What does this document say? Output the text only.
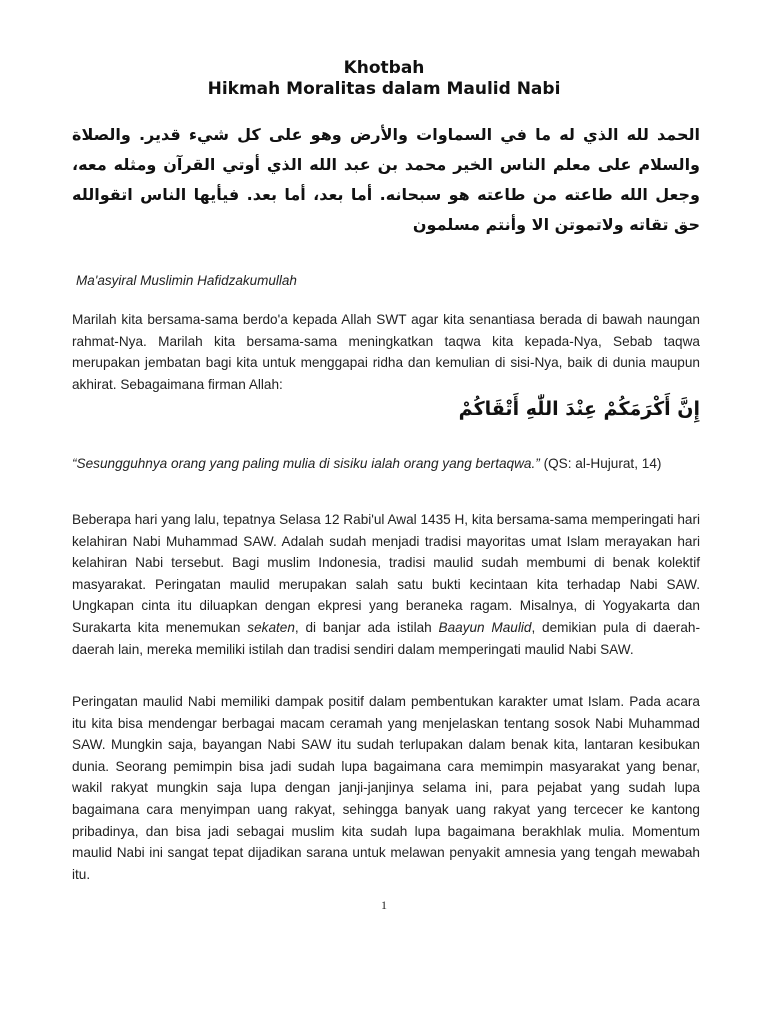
Khotbah
Hikmah Moralitas dalam Maulid Nabi
الحمد لله الذي له ما في السماوات والأرض وهو على كل شيء قدير. والصلاة والسلام على معلم الناس الخير محمد بن عبد الله الذي أوتي القرآن ومثله معه، وجعل الله طاعته من طاعته هو سبحانه. أما بعد، أما بعد. فيأيها الناس اتقوالله حق تقاته ولاتموتن الا وأنتم مسلمون
Ma'asyiral Muslimin Hafidzakumullah

Marilah kita bersama-sama berdo'a kepada Allah SWT agar kita senantiasa berada di bawah naungan rahmat-Nya. Marilah kita bersama-sama meningkatkan taqwa kita kepada-Nya, Sebab taqwa merupakan jembatan bagi kita untuk menggapai ridha dan kemulian di sisi-Nya, baik di dunia maupun akhirat. Sebagaimana firman Allah:

إِنَّ أَكْرَمَكُمْ عِنْدَ اللّٰهِ أَتْقَاكُمْ

“Sesungguhnya orang yang paling mulia di sisiku ialah orang yang bertaqwa.” (QS: al-Hujurat, 14)

Beberapa hari yang lalu, tepatnya Selasa 12 Rabi'ul Awal 1435 H, kita bersama-sama memperingati hari kelahiran Nabi Muhammad SAW. Adalah sudah menjadi tradisi mayoritas umat Islam merayakan hari kelahiran Nabi tersebut. Bagi muslim Indonesia, tradisi maulid sudah membumi di benak kolektif masyarakat. Peringatan maulid merupakan salah satu bukti kecintaan kita terhadap Nabi SAW. Ungkapan cinta itu diluapkan dengan ekpresi yang beraneka ragam. Misalnya, di Yogyakarta dan Surakarta kita menemukan sekaten, di banjar ada istilah Baayun Maulid, demikian pula di daerah-daerah lain, mereka memiliki istilah dan tradisi sendiri dalam memperingati maulid Nabi SAW.

Peringatan maulid Nabi memiliki dampak positif dalam pembentukan karakter umat Islam. Pada acara itu kita bisa mendengar berbagai macam ceramah yang menjelaskan tentang sosok Nabi Muhammad SAW. Mungkin saja, bayangan Nabi SAW itu sudah terlupakan dalam benak kita, lantaran kesibukan dunia. Seorang pemimpin bisa jadi sudah lupa bagaimana cara memimpin masyarakat yang benar, wakil rakyat mungkin saja lupa dengan janji-janjinya selama ini, para pejabat yang sudah lupa bagaimana cara menyimpan uang rakyat, sehingga banyak uang rakyat yang tercecer ke kantong pribadinya, dan bisa jadi sebagai muslim kita sudah lupa bagaimana berakhlak mulia. Momentum maulid Nabi ini sangat tepat dijadikan sarana untuk melawan penyakit amnesia yang tengah mewabah itu.

1
